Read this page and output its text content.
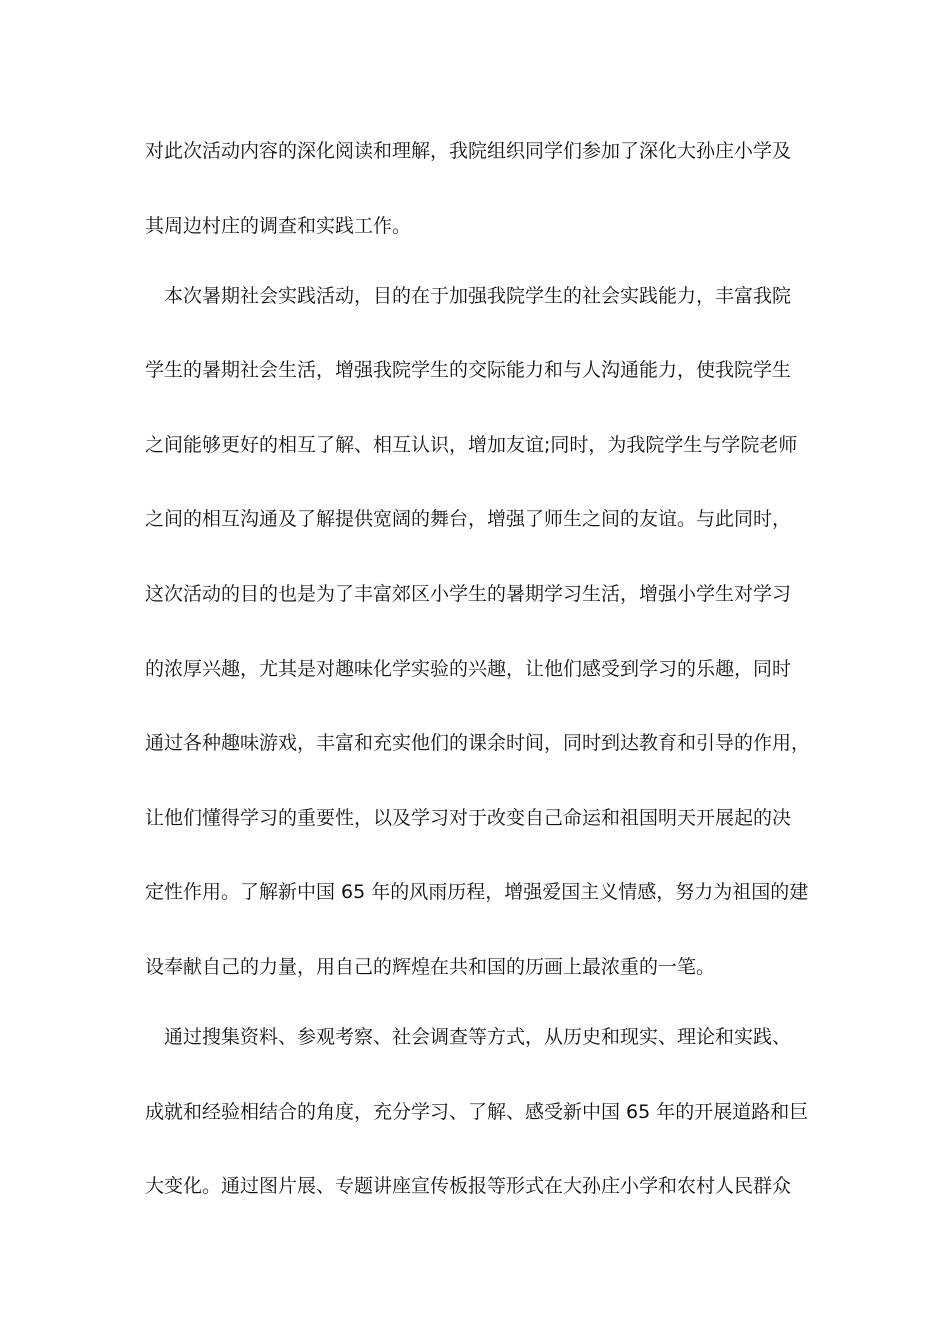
对此次活动内容的深化阅读和理解，我院组织同学们参加了深化大孙庄小学及
其周边村庄的调查和实践工作。
本次暑期社会实践活动，目的在于加强我院学生的社会实践能力，丰富我院
学生的暑期社会生活，增强我院学生的交际能力和与人沟通能力，使我院学生
之间能够更好的相互了解、相互认识，增加友谊;同时，为我院学生与学院老师
之间的相互沟通及了解提供宽阔的舞台，增强了师生之间的友谊。与此同时，
这次活动的目的也是为了丰富郊区小学生的暑期学习生活，增强小学生对学习
的浓厚兴趣，尤其是对趣味化学实验的兴趣，让他们感受到学习的乐趣，同时
通过各种趣味游戏，丰富和充实他们的课余时间，同时到达教育和引导的作用，
让他们懂得学习的重要性，以及学习对于改变自己命运和祖国明天开展起的决
定性作用。了解新中国 65 年的风雨历程，增强爱国主义情感，努力为祖国的建
设奉献自己的力量，用自己的辉煌在共和国的历画上最浓重的一笔。
通过搜集资料、参观考察、社会调查等方式，从历史和现实、理论和实践、
成就和经验相结合的角度，充分学习、了解、感受新中国 65 年的开展道路和巨
大变化。通过图片展、专题讲座宣传板报等形式在大孙庄小学和农村人民群众
